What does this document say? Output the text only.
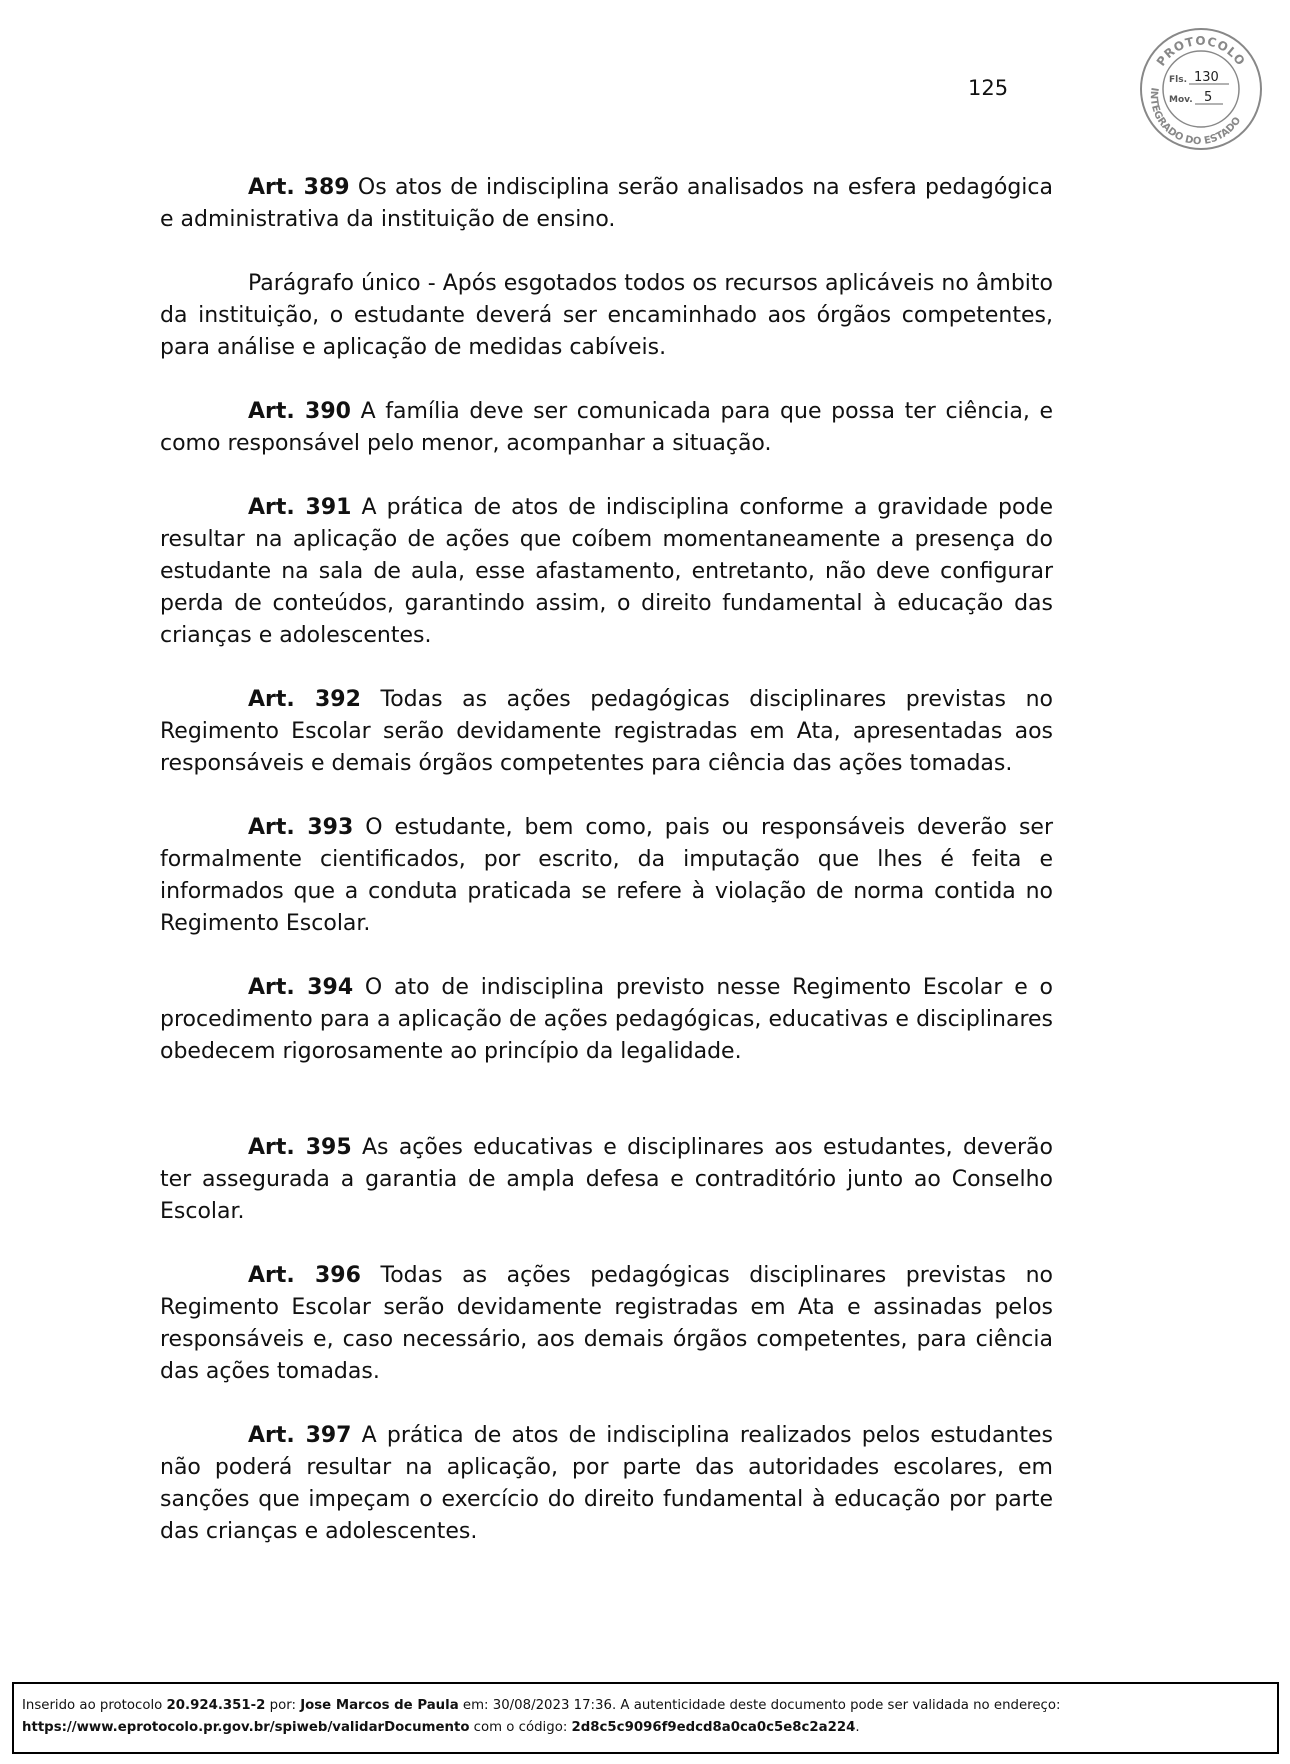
125
PROTOCOLO
INTEGRADO DO ESTADO
Fls. 130
Mov. 5

Art. 389 Os atos de indisciplina serão analisados na esfera pedagógica e administrativa da instituição de ensino.

Parágrafo único - Após esgotados todos os recursos aplicáveis no âmbito da instituição, o estudante deverá ser encaminhado aos órgãos competentes, para análise e aplicação de medidas cabíveis.

Art. 390 A família deve ser comunicada para que possa ter ciência, e como responsável pelo menor, acompanhar a situação.

Art. 391 A prática de atos de indisciplina conforme a gravidade pode resultar na aplicação de ações que coíbem momentaneamente a presença do estudante na sala de aula, esse afastamento, entretanto, não deve configurar perda de conteúdos, garantindo assim, o direito fundamental à educação das crianças e adolescentes.

Art. 392 Todas as ações pedagógicas disciplinares previstas no Regimento Escolar serão devidamente registradas em Ata, apresentadas aos responsáveis e demais órgãos competentes para ciência das ações tomadas.

Art. 393 O estudante, bem como, pais ou responsáveis deverão ser formalmente cientificados, por escrito, da imputação que lhes é feita e informados que a conduta praticada se refere à violação de norma contida no Regimento Escolar.

Art. 394 O ato de indisciplina previsto nesse Regimento Escolar e o procedimento para a aplicação de ações pedagógicas, educativas e disciplinares obedecem rigorosamente ao princípio da legalidade.

Art. 395 As ações educativas e disciplinares aos estudantes, deverão ter assegurada a garantia de ampla defesa e contraditório junto ao Conselho Escolar.

Art. 396 Todas as ações pedagógicas disciplinares previstas no Regimento Escolar serão devidamente registradas em Ata e assinadas pelos responsáveis e, caso necessário, aos demais órgãos competentes, para ciência das ações tomadas.

Art. 397 A prática de atos de indisciplina realizados pelos estudantes não poderá resultar na aplicação, por parte das autoridades escolares, em sanções que impeçam o exercício do direito fundamental à educação por parte das crianças e adolescentes.

Inserido ao protocolo 20.924.351-2 por: Jose Marcos de Paula em: 30/08/2023 17:36. A autenticidade deste documento pode ser validada no endereço:
https://www.eprotocolo.pr.gov.br/spiweb/validarDocumento com o código: 2d8c5c9096f9edcd8a0ca0c5e8c2a224.
